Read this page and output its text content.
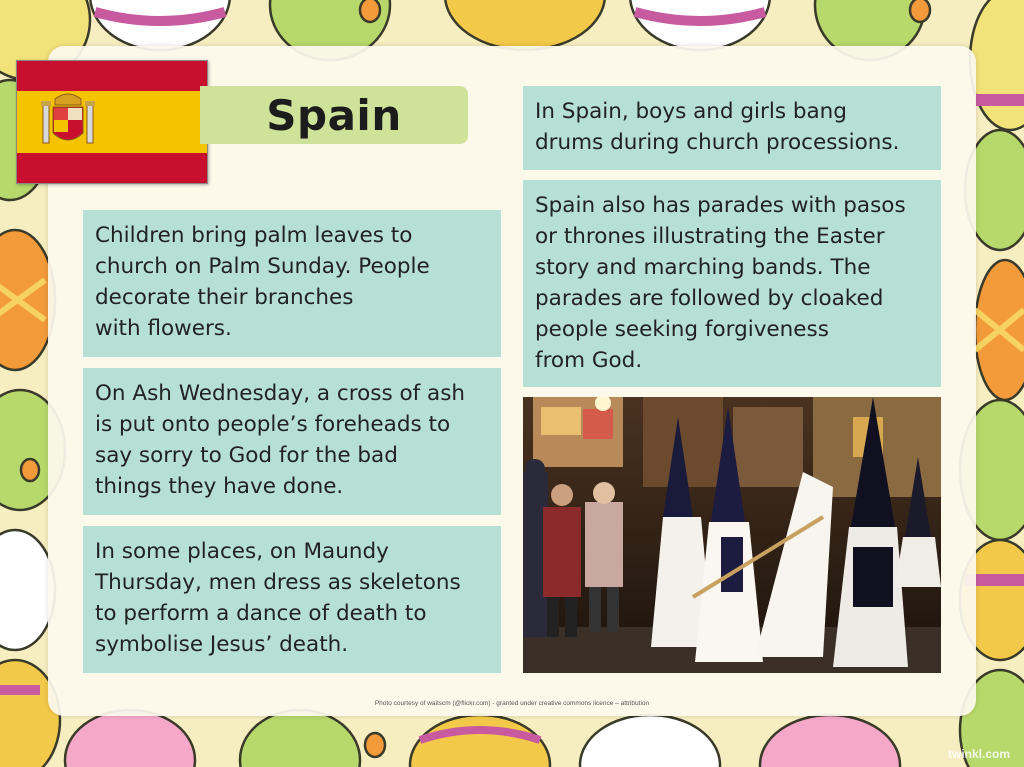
Spain
Children bring palm leaves to
church on Palm Sunday. People
decorate their branches
with flowers.
On Ash Wednesday, a cross of ash
is put onto people’s foreheads to
say sorry to God for the bad
things they have done.
In some places, on Maundy
Thursday, men dress as skeletons
to perform a dance of death to
symbolise Jesus’ death.
In Spain, boys and girls bang
drums during church processions.
Spain also has parades with pasos
or thrones illustrating the Easter
story and marching bands. The
parades are followed by cloaked
people seeking forgiveness
from God.
Photo courtesy of waitscm (@flickr.com) - granted under creative commons licence – attribution
twinkl.com
